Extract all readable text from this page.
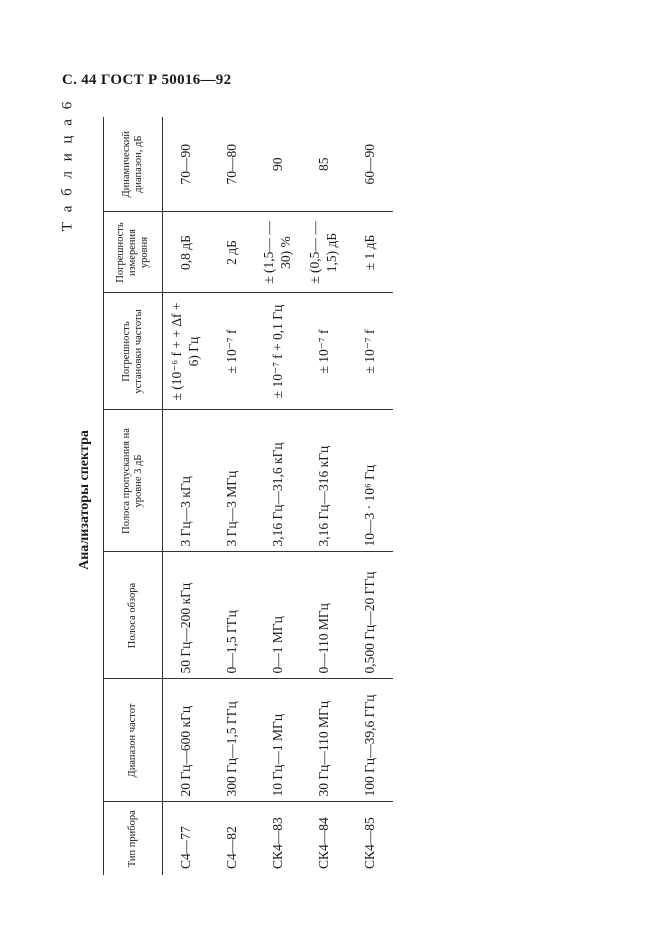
С. 44 ГОСТ Р 50016—92
Т а б л и ц а 6
Анализаторы спектра
Тип прибора	Диапазон частот	Полоса обзора	Полоса пропускания на уровне 3 дБ	Погрешность установки частоты	Погрешность измерения уровня	Динамический диапазон, дБ
С4—77	20 Гц—600 кГц	50 Гц—200 кГц	3 Гц—3 кГц	± (10⁻⁶ f + + Δf + 6) Гц	0,8 дБ	70—90
С4—82	300 Гц—1,5 ГГц	0—1,5 ГГц	3 Гц—3 МГц	± 10⁻⁷ f	2 дБ	70—80
СК4—83	10 Гц—1 МГц	0—1 МГц	3,16 Гц—31,6 кГц	± 10⁻⁷ f + 0,1 Гц	± (1,5— —30) %	90
СК4—84	30 Гц—110 МГц	0—110 МГц	3,16 Гц—316 кГц	± 10⁻⁷ f	± (0,5— —1,5) дБ	85
СК4—85	100 Гц—39,6 ГГц	0,500 Гц—20 ГГц	10—3 · 10⁶ Гц	± 10⁻⁷ f	± 1 дБ	60—90
